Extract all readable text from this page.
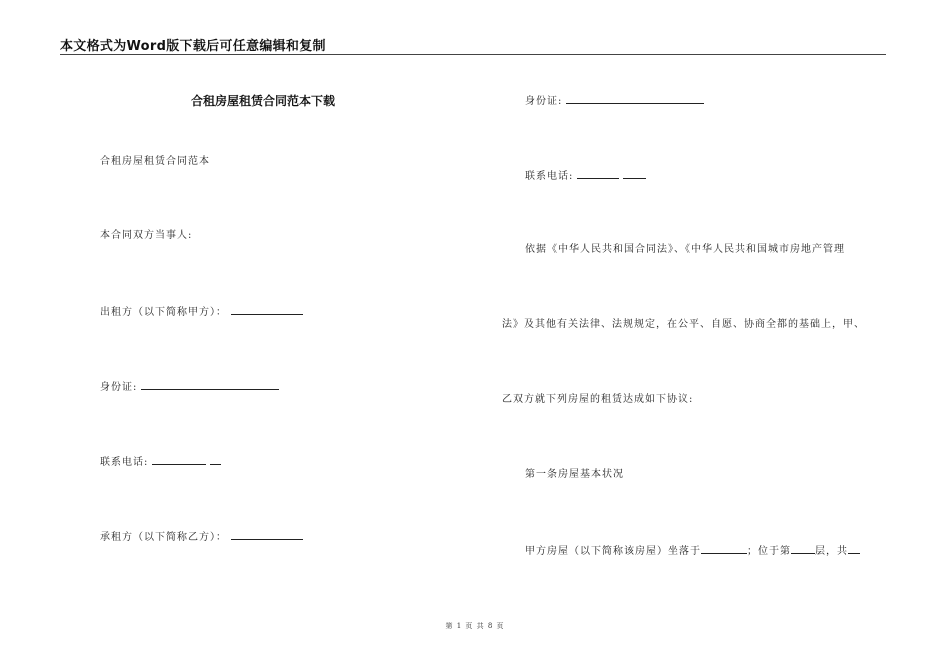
本文格式为Word版下载后可任意编辑和复制
合租房屋租赁合同范本下载
合租房屋租赁合同范本
本合同双方当事人:
出租方（以下简称甲方）：
身份证:
联系电话:
承租方（以下简称乙方）：
身份证:
联系电话:
依据《中华人民共和国合同法》、《中华人民共和国城市房地产管理
法》及其他有关法律、法规规定，在公平、自愿、协商全都的基础上，甲、
乙双方就下列房屋的租赁达成如下协议:
第一条房屋基本状况
甲方房屋（以下简称该房屋）坐落于	；位于第 层，共
第 1 页 共 8 页
